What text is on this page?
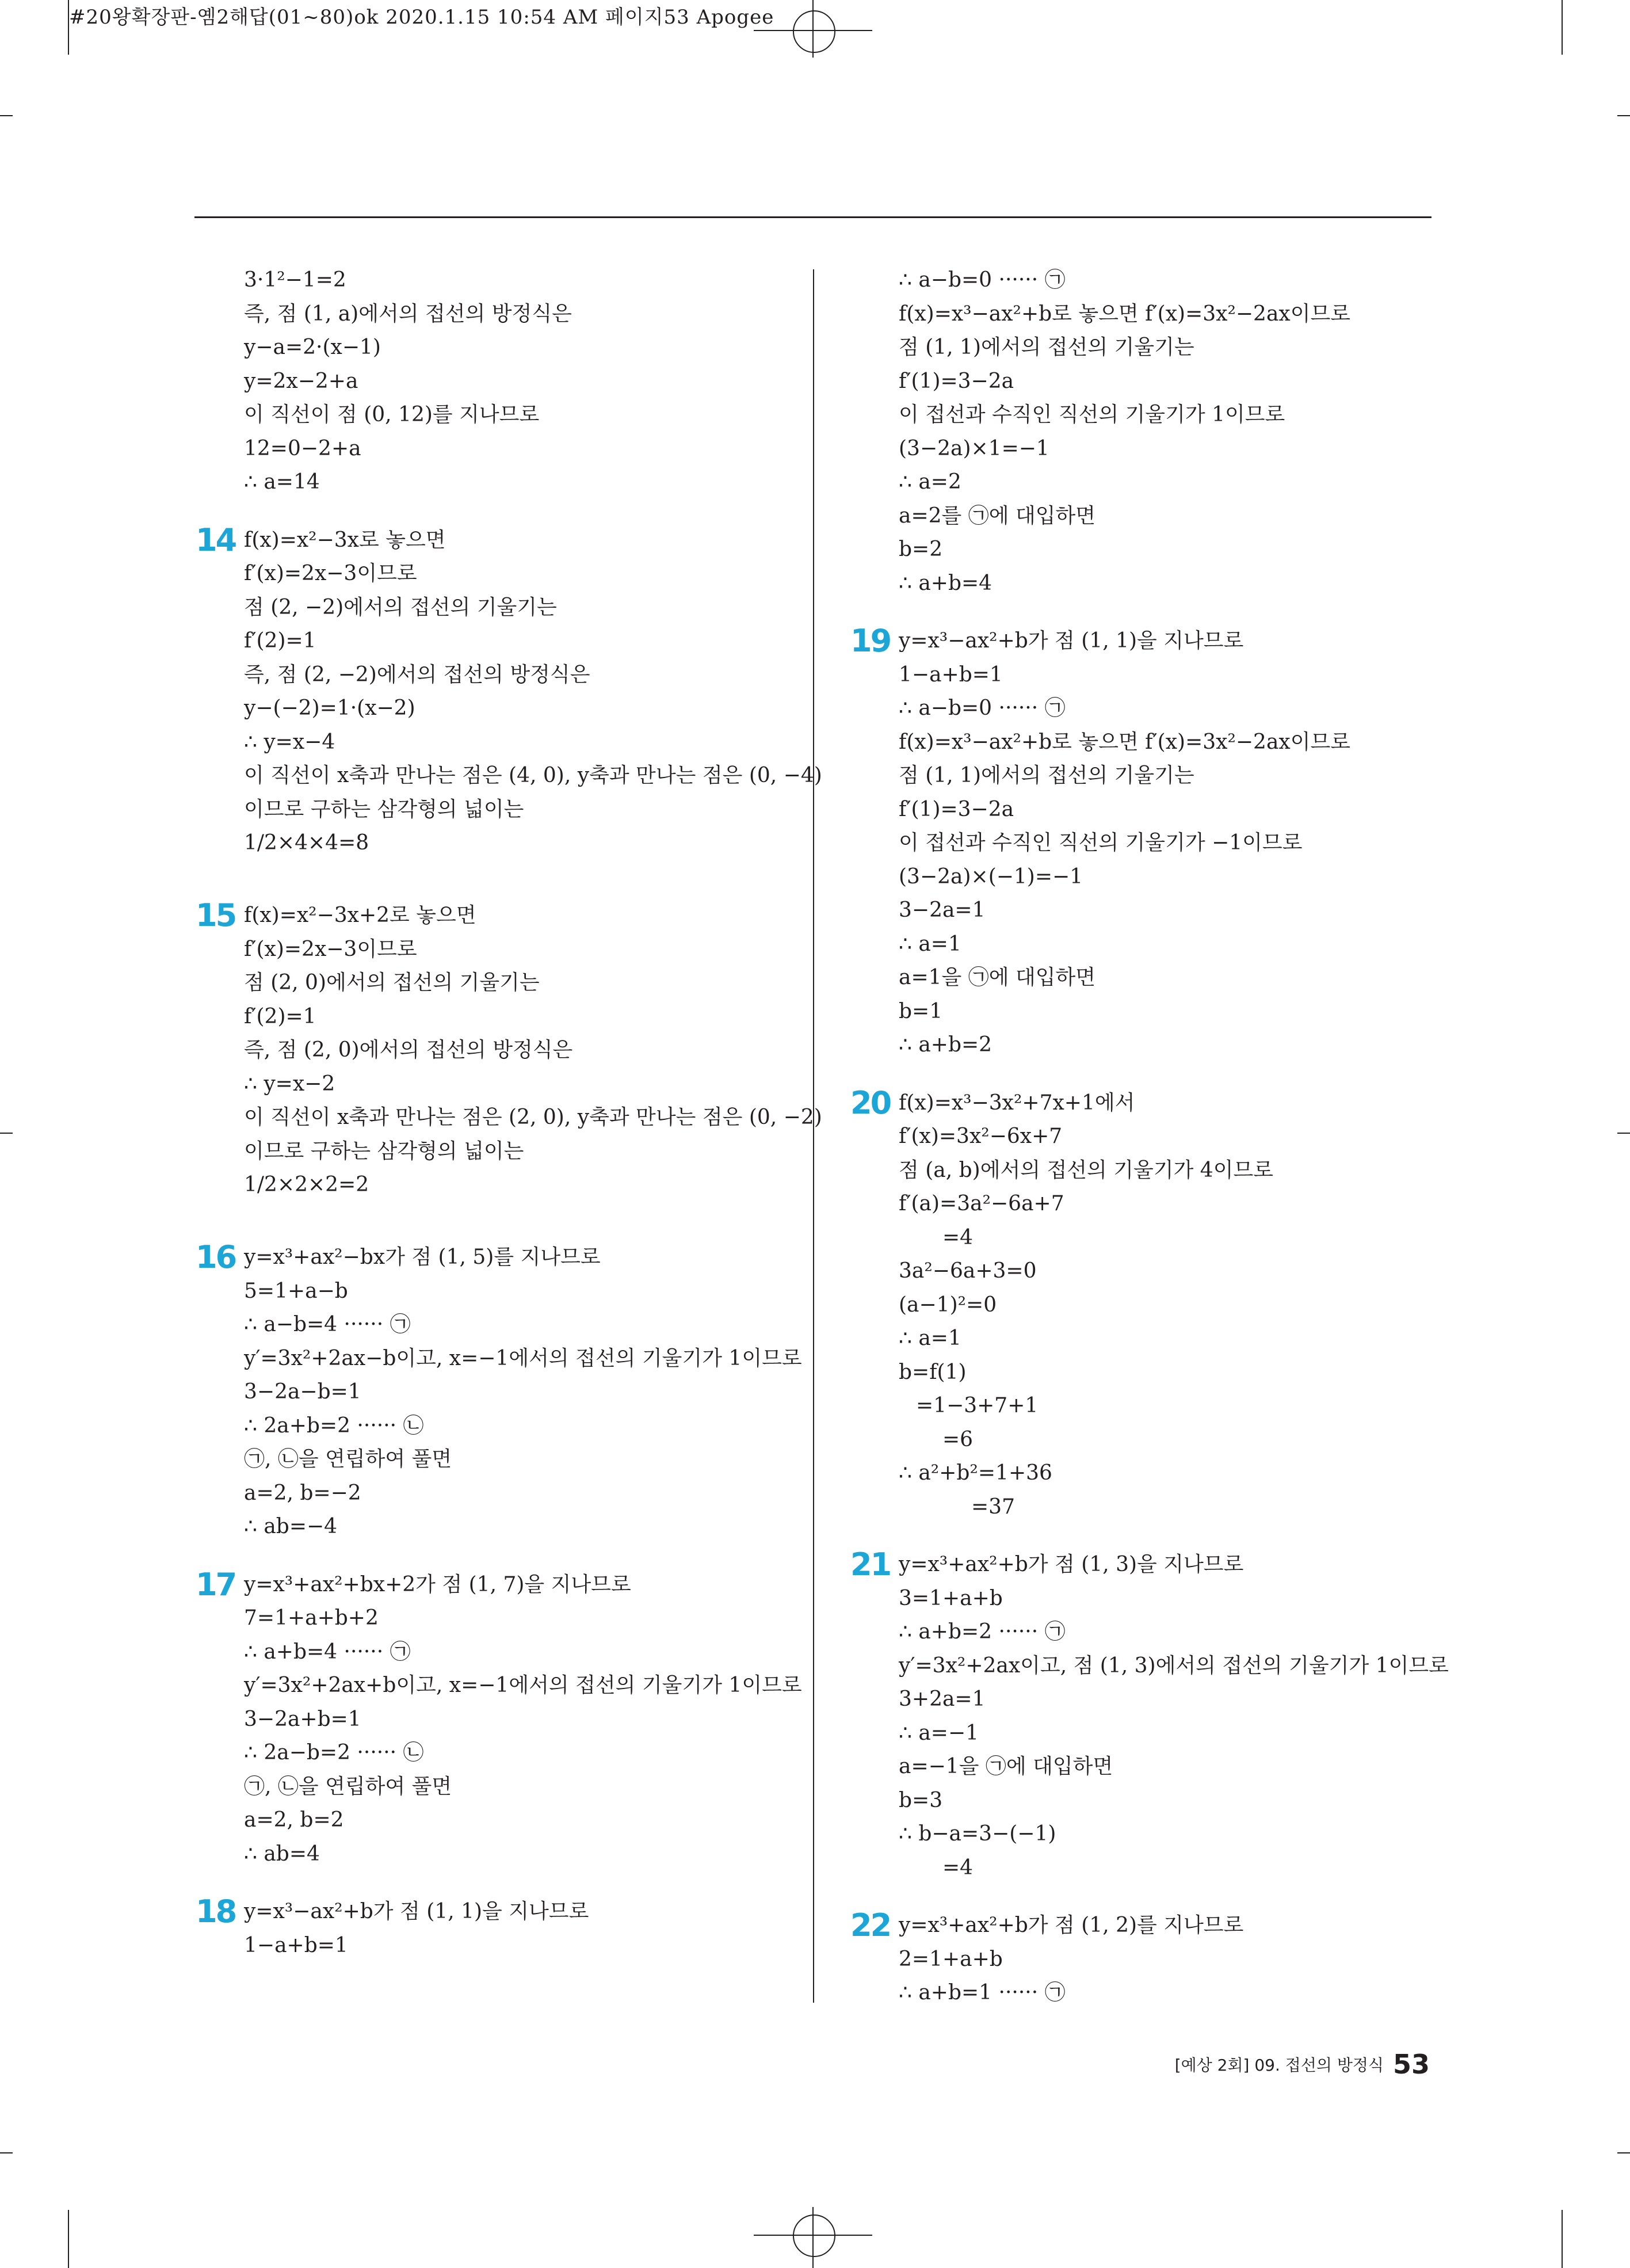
#20왕확장판-옘2해답(01~80)ok 2020.1.15 10:54 AM 페이지53 Apogee
3·1²−1=2
즉, 점 (1, a)에서의 접선의 방정식은
y−a=2·(x−1)
y=2x−2+a
이 직선이 점 (0, 12)를 지나므로
12=0−2+a
∴ a=14
14 f(x)=x²−3x로 놓으면
f′(x)=2x−3이므로
점 (2, −2)에서의 접선의 기울기는
f′(2)=1
즉, 점 (2, −2)에서의 접선의 방정식은
y−(−2)=1·(x−2)
∴ y=x−4
이 직선이 x축과 만나는 점은 (4, 0), y축과 만나는 점은 (0, −4)
이므로 구하는 삼각형의 넓이는
1/2×4×4=8
15 f(x)=x²−3x+2로 놓으면
f′(x)=2x−3이므로
점 (2, 0)에서의 접선의 기울기는
f′(2)=1
즉, 점 (2, 0)에서의 접선의 방정식은
∴ y=x−2
이 직선이 x축과 만나는 점은 (2, 0), y축과 만나는 점은 (0, −2)
이므로 구하는 삼각형의 넓이는
1/2×2×2=2
16 y=x³+ax²−bx가 점 (1, 5)를 지나므로
5=1+a−b
∴ a−b=4 ······ ㉠
y′=3x²+2ax−b이고, x=−1에서의 접선의 기울기가 1이므로
3−2a−b=1
∴ 2a+b=2 ······ ㉡
㉠, ㉡을 연립하여 풀면
a=2, b=−2
∴ ab=−4
17 y=x³+ax²+bx+2가 점 (1, 7)을 지나므로
7=1+a+b+2
∴ a+b=4 ······ ㉠
y′=3x²+2ax+b이고, x=−1에서의 접선의 기울기가 1이므로
3−2a+b=1
∴ 2a−b=2 ······ ㉡
㉠, ㉡을 연립하여 풀면
a=2, b=2
∴ ab=4
18 y=x³−ax²+b가 점 (1, 1)을 지나므로
1−a+b=1
∴ a−b=0 ······ ㉠
f(x)=x³−ax²+b로 놓으면 f′(x)=3x²−2ax이므로
점 (1, 1)에서의 접선의 기울기는
f′(1)=3−2a
이 접선과 수직인 직선의 기울기가 1이므로
(3−2a)×1=−1
∴ a=2
a=2를 ㉠에 대입하면
b=2
∴ a+b=4
19 y=x³−ax²+b가 점 (1, 1)을 지나므로
1−a+b=1
∴ a−b=0 ······ ㉠
f(x)=x³−ax²+b로 놓으면 f′(x)=3x²−2ax이므로
점 (1, 1)에서의 접선의 기울기는
f′(1)=3−2a
이 접선과 수직인 직선의 기울기가 −1이므로
(3−2a)×(−1)=−1
3−2a=1
∴ a=1
a=1을 ㉠에 대입하면
b=1
∴ a+b=2
20 f(x)=x³−3x²+7x+1에서
f′(x)=3x²−6x+7
점 (a, b)에서의 접선의 기울기가 4이므로
f′(a)=3a²−6a+7
=4
3a²−6a+3=0
(a−1)²=0
∴ a=1
b=f(1)
=1−3+7+1
=6
∴ a²+b²=1+36
=37
21 y=x³+ax²+b가 점 (1, 3)을 지나므로
3=1+a+b
∴ a+b=2 ······ ㉠
y′=3x²+2ax이고, 점 (1, 3)에서의 접선의 기울기가 1이므로
3+2a=1
∴ a=−1
a=−1을 ㉠에 대입하면
b=3
∴ b−a=3−(−1)
=4
22 y=x³+ax²+b가 점 (1, 2)를 지나므로
2=1+a+b
∴ a+b=1 ······ ㉠
[예상 2회] 09. 접선의 방정식 53
